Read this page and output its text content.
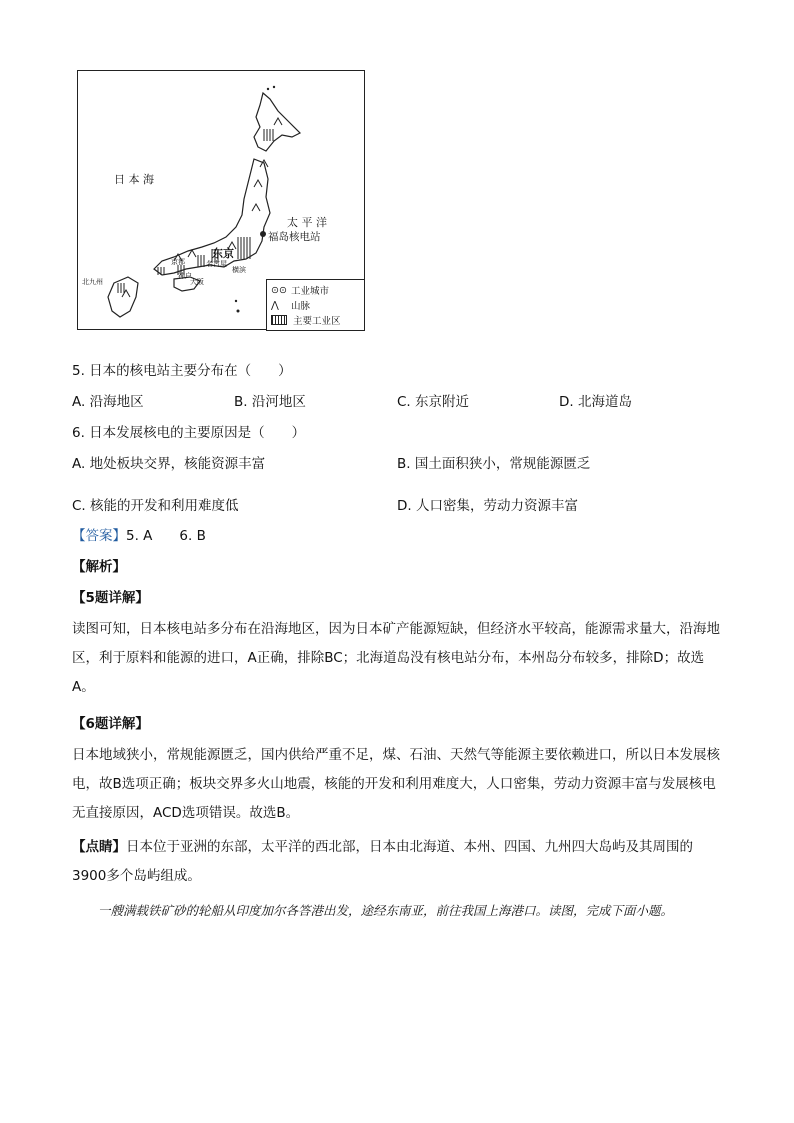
日 本 海
太 平 洋
福岛核电站
东京
北九州
京都
神户
大阪
名古屋
横滨
⊙⊙ 工业城市
⋀	山脉
主要工业区
5. 日本的核电站主要分布在（　　）
A. 沿海地区	B. 沿河地区	C. 东京附近	D. 北海道岛
6. 日本发展核电的主要原因是（　　）
A. 地处板块交界，核能资源丰富	B. 国土面积狭小，常规能源匮乏
C. 核能的开发和利用难度低	D. 人口密集，劳动力资源丰富
【答案】5. A　　6. B
【解析】
【5题详解】
读图可知，日本核电站多分布在沿海地区，因为日本矿产能源短缺，但经济水平较高，能源需求量大，沿海地区，利于原料和能源的进口，A正确，排除BC；北海道岛没有核电站分布，本州岛分布较多，排除D；故选A。
【6题详解】
日本地域狭小，常规能源匮乏，国内供给严重不足，煤、石油、天然气等能源主要依赖进口，所以日本发展核电，故B选项正确；板块交界多火山地震，核能的开发和利用难度大，人口密集，劳动力资源丰富与发展核电无直接原因，ACD选项错误。故选B。
【点睛】日本位于亚洲的东部，太平洋的西北部，日本由北海道、本州、四国、九州四大岛屿及其周围的3900多个岛屿组成。
一艘满载铁矿砂的轮船从印度加尔各答港出发，途经东南亚，前往我国上海港口。读图，完成下面小题。
